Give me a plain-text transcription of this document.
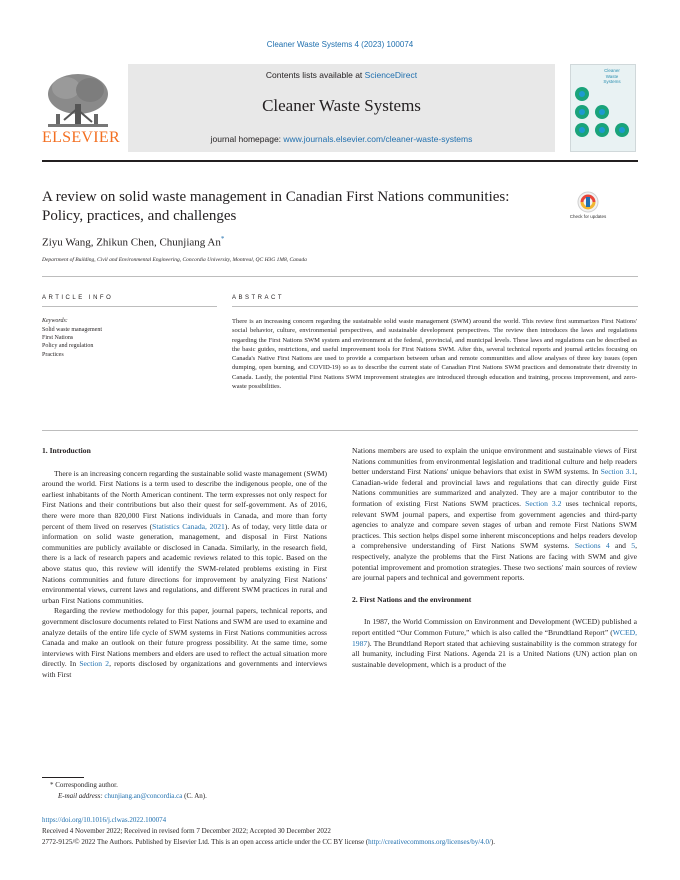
Cleaner Waste Systems 4 (2023) 100074
ELSEVIER
Contents lists available at ScienceDirect
Cleaner Waste Systems
journal homepage: www.journals.elsevier.com/cleaner-waste-systems
Cleaner
Waste
Systems
A review on solid waste management in Canadian First Nations communities: Policy, practices, and challenges	Check for updates
Ziyu Wang, Zhikun Chen, Chunjiang An*
Department of Building, Civil and Environmental Engineering, Concordia University, Montreal, QC H3G 1M8, Canada
ARTICLE INFO	ABSTRACT
Keywords:
Solid waste management
First Nations
Policy and regulation
Practices
There is an increasing concern regarding the sustainable solid waste management (SWM) around the world. This review first summarizes First Nations' social behavior, culture, environmental perspectives, and sustainable development perspectives. The review then introduces the laws and regulations regarding the First Nations SWM system and environment at the federal, provincial, and municipal levels. These laws and regulations can be described as the basic guides, restrictions, and useful improvement tools for First Nations SWM. After this, several technical reports and journal articles focusing on Canada's Native First Nations are used to provide a comparison between urban and remote communities and allow analyses of three key issues (open dumping, open burning, and COVID-19) so as to describe the current state of Canadian First Nations SWM practices and demonstrate their diversity in Canada. Lastly, the potential First Nations SWM improvement strategies are introduced through education and training, process improvement, and zero-waste possibilities.
1. Introduction

There is an increasing concern regarding the sustainable solid waste management (SWM) around the world. First Nations is a term used to describe the indigenous people, one of the earliest inhabitants of the North American continent. The term expresses not only respect for First Nations and their contributions but also their quest for self-government. As of 2016, there were more than 820,000 First Nations individuals in Canada, and more than forty percent of them lived on reserves (Statistics Canada, 2021). As of today, very little data or information on solid waste generation, management, and disposal in First Nations communities are publicly available or disclosed in Canada. Similarly, in the research field, there is a lack of research papers and academic reviews related to this topic. Based on the above status quo, this review will identify the SWM-related problems existing in First Nations communities and future directions for improvement by analyzing First Nations' environmental views, current laws and regulations, and different SWM practices in rural and urban First Nations communities.

Regarding the review methodology for this paper, journal papers, technical reports, and government disclosure documents related to First Nations and SWM are used to examine and analyze details of the entire life cycle of SWM systems in First Nations communities across Canada and make an outlook on their future progress possibility. At the same time, some interviews with First Nations members and elders are used to reflect the actual situation more directly. In Section 2, reports disclosed by organizations and governments and interviews with First

Nations members are used to explain the unique environment and sustainable views of First Nations communities from environmental legislation and traditional culture and help readers better understand First Nations' unique behaviors that exist in SWM systems. In Section 3.1, Canadian-wide federal and provincial laws and regulations that can directly guide First Nations communities are summarized and analyzed. They are a major contributor to the formation of existing First Nations SWM practices. Section 3.2 uses technical reports, relevant SWM journal papers, and expertise from government agencies and third-party agencies to analyze and compare seven stages of urban and remote First Nations SWM practices. This section helps dispel some inherent misconceptions and helps readers develop a comprehensive understanding of First Nations SWM systems. Sections 4 and 5, respectively, analyze the problems that the First Nations are facing with SWM and give potential improvement and promotion strategies. These two sections' main sources of review are journal papers and technical and government reports.

2. First Nations and the environment

In 1987, the World Commission on Environment and Development (WCED) published a report entitled “Our Common Future,” which is also called the “Brundtland Report” (WCED, 1987). The Brundtland Report stated that achieving sustainability is the common strategy for all humanity, including First Nations. Agenda 21 is a United Nations (UN) action plan on sustainable development, which is a product of the

* Corresponding author.
E-mail address: chunjiang.an@concordia.ca (C. An).
https://doi.org/10.1016/j.clwas.2022.100074
Received 4 November 2022; Received in revised form 7 December 2022; Accepted 30 December 2022
2772-9125/© 2022 The Authors. Published by Elsevier Ltd. This is an open access article under the CC BY license (http://creativecommons.org/licenses/by/4.0/).
